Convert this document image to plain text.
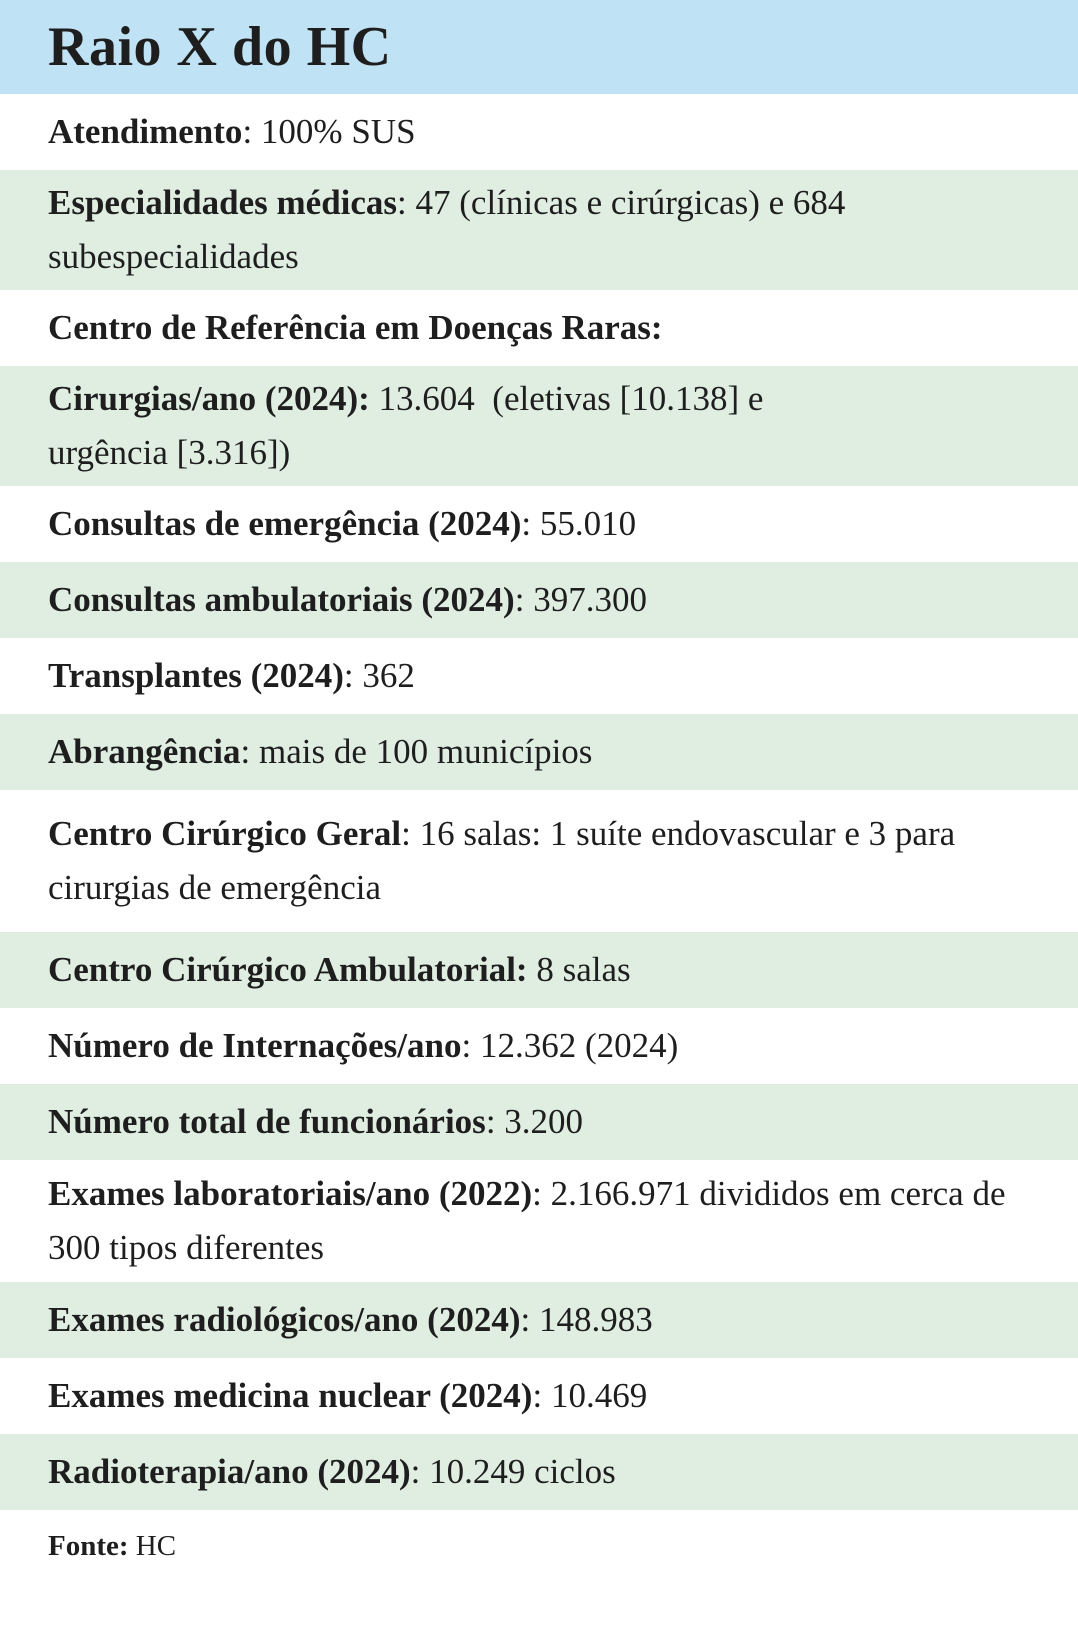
Raio X do HC
Atendimento: 100% SUS
Especialidades médicas: 47 (clínicas e cirúrgicas) e 684 subespecialidades
Centro de Referência em Doenças Raras:
Cirurgias/ano (2024): 13.604  (eletivas [10.138] e urgência [3.316])
Consultas de emergência (2024): 55.010
Consultas ambulatoriais (2024): 397.300
Transplantes (2024): 362
Abrangência: mais de 100 municípios
Centro Cirúrgico Geral: 16 salas: 1 suíte endovascular e 3 para cirurgias de emergência
Centro Cirúrgico Ambulatorial: 8 salas
Número de Internações/ano: 12.362 (2024)
Número total de funcionários: 3.200
Exames laboratoriais/ano (2022): 2.166.971 divididos em cerca de 300 tipos diferentes
Exames radiológicos/ano (2024): 148.983
Exames medicina nuclear (2024): 10.469
Radioterapia/ano (2024): 10.249 ciclos
Fonte:
HC
